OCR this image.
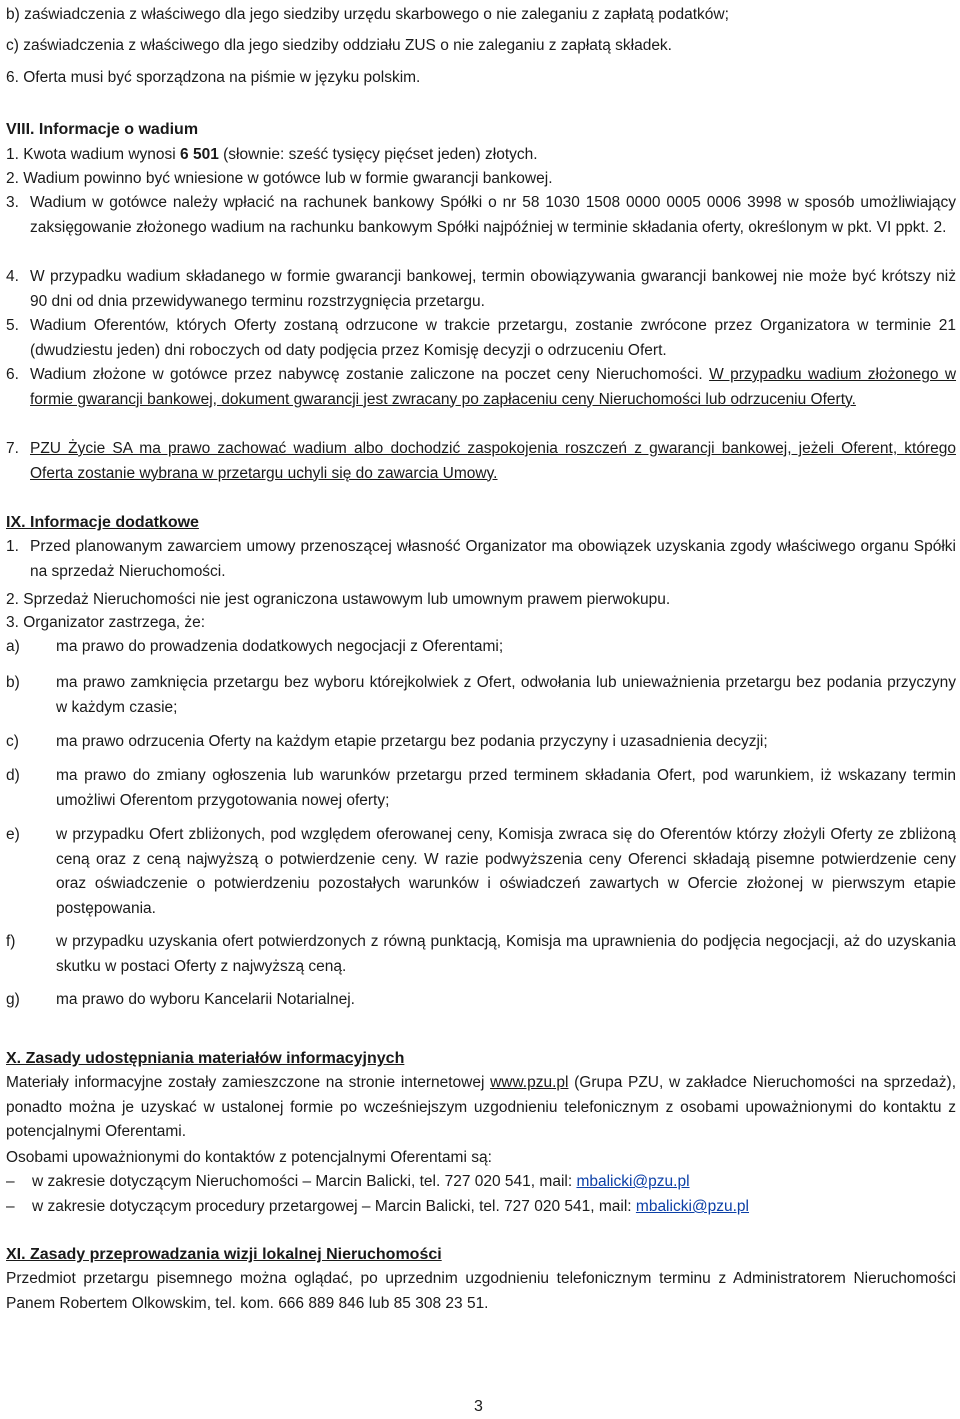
b) zaświadczenia z właściwego dla jego siedziby urzędu skarbowego o nie zaleganiu z zapłatą podatków;
c) zaświadczenia z właściwego dla jego siedziby oddziału ZUS o nie zaleganiu z zapłatą składek.
6. Oferta musi być sporządzona na piśmie w języku polskim.
VIII. Informacje o wadium
1. Kwota wadium wynosi 6 501 (słownie: sześć tysięcy pięćset jeden) złotych.
2. Wadium powinno być wniesione w gotówce lub w formie gwarancji bankowej.
3. Wadium w gotówce należy wpłacić na rachunek bankowy Spółki o nr 58 1030 1508 0000 0005 0006 3998 w sposób umożliwiający zaksięgowanie złożonego wadium na rachunku bankowym Spółki najpóźniej w terminie składania oferty, określonym w pkt. VI ppkt. 2.
4. W przypadku wadium składanego w formie gwarancji bankowej, termin obowiązywania gwarancji bankowej nie może być krótszy niż 90 dni od dnia przewidywanego terminu rozstrzygnięcia przetargu.
5. Wadium Oferentów, których Oferty zostaną odrzucone w trakcie przetargu, zostanie zwrócone przez Organizatora w terminie 21 (dwudziestu jeden) dni roboczych od daty podjęcia przez Komisję decyzji o odrzuceniu Ofert.
6. Wadium złożone w gotówce przez nabywcę zostanie zaliczone na poczet ceny Nieruchomości. W przypadku wadium złożonego w formie gwarancji bankowej, dokument gwarancji jest zwracany po zapłaceniu ceny Nieruchomości lub odrzuceniu Oferty.
7. PZU Życie SA ma prawo zachować wadium albo dochodzić zaspokojenia roszczeń z gwarancji bankowej, jeżeli Oferent, którego Oferta zostanie wybrana w przetargu uchyli się do zawarcia Umowy.
IX. Informacje dodatkowe
1. Przed planowanym zawarciem umowy przenoszącej własność Organizator ma obowiązek uzyskania zgody właściwego organu Spółki na sprzedaż Nieruchomości.
2. Sprzedaż Nieruchomości nie jest ograniczona ustawowym lub umownym prawem pierwokupu.
3. Organizator zastrzega, że:
a)	ma prawo do prowadzenia dodatkowych negocjacji z Oferentami;
b)	ma prawo zamknięcia przetargu bez wyboru którejkolwiek z Ofert, odwołania lub unieważnienia przetargu bez podania przyczyny w każdym czasie;
c)	ma prawo odrzucenia Oferty na każdym etapie przetargu bez podania przyczyny i uzasadnienia decyzji;
d)	ma prawo do zmiany ogłoszenia lub warunków przetargu przed terminem składania Ofert, pod warunkiem, iż wskazany termin umożliwi Oferentom przygotowania nowej oferty;
e)	w przypadku Ofert zbliżonych, pod względem oferowanej ceny, Komisja zwraca się do Oferentów którzy złożyli Oferty ze zbliżoną ceną oraz z ceną najwyższą o potwierdzenie ceny. W razie podwyższenia ceny Oferenci składają pisemne potwierdzenie ceny oraz oświadczenie o potwierdzeniu pozostałych warunków i oświadczeń zawartych w Ofercie złożonej w pierwszym etapie postępowania.
f)	w przypadku uzyskania ofert potwierdzonych z równą punktacją, Komisja ma uprawnienia do podjęcia negocjacji, aż do uzyskania skutku w postaci Oferty z najwyższą ceną.
g)	ma prawo do wyboru Kancelarii Notarialnej.
X. Zasady udostępniania materiałów informacyjnych
Materiały informacyjne zostały zamieszczone na stronie internetowej www.pzu.pl (Grupa PZU, w zakładce Nieruchomości na sprzedaż), ponadto można je uzyskać w ustalonej formie po wcześniejszym uzgodnieniu telefonicznym z osobami upoważnionymi do kontaktu z potencjalnymi Oferentami.
Osobami upoważnionymi do kontaktów z potencjalnymi Oferentami są:
–	w zakresie dotyczącym Nieruchomości – Marcin Balicki, tel. 727 020 541, mail: mbalicki@pzu.pl
–	w zakresie dotyczącym procedury przetargowej – Marcin Balicki, tel. 727 020 541, mail: mbalicki@pzu.pl
XI. Zasady przeprowadzania wizji lokalnej Nieruchomości
Przedmiot przetargu pisemnego można oglądać, po uprzednim uzgodnieniu telefonicznym terminu z Administratorem Nieruchomości Panem Robertem Olkowskim, tel. kom. 666 889 846 lub 85 308 23 51.
3
